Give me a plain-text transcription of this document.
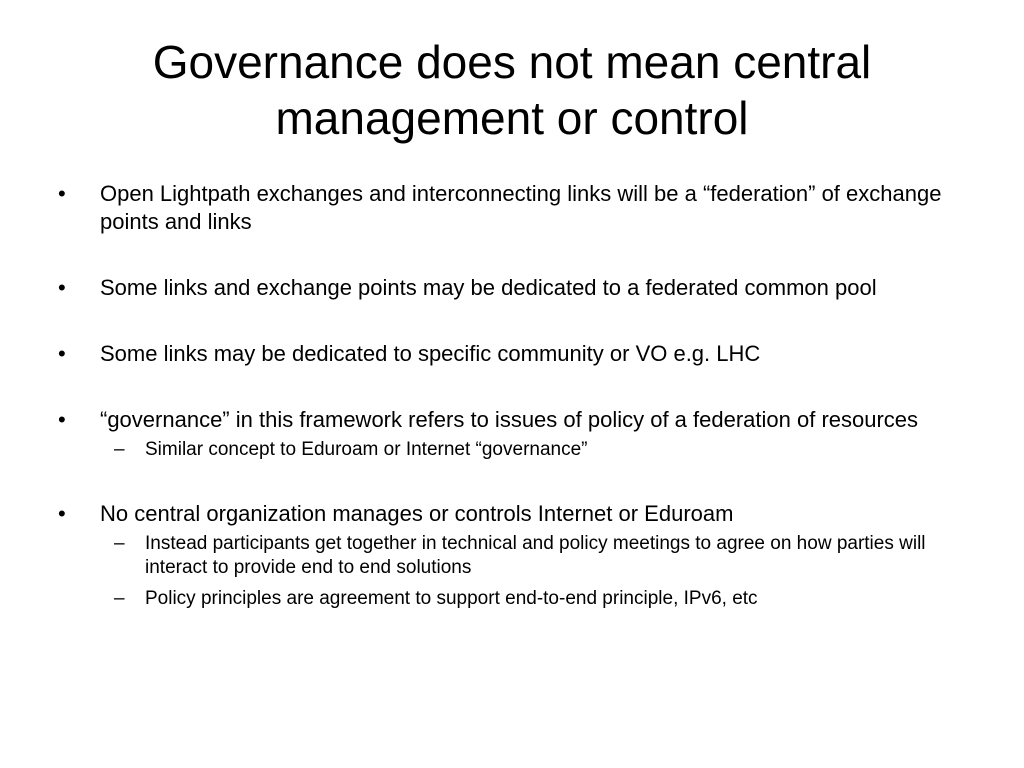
Governance does not mean central management or control
•	Open Lightpath exchanges and interconnecting links will be a “federation” of exchange points and links
•	Some links and exchange points may be dedicated to a federated common pool
•	Some links may be dedicated to specific community or VO e.g. LHC
•	“governance” in this framework refers to issues of policy of a federation of resources
– Similar concept to Eduroam or Internet “governance”
•	No central organization manages or controls Internet or Eduroam
– Instead participants get together in technical and policy meetings to agree on how parties will interact to provide end to end solutions
– Policy principles are agreement to support end-to-end principle, IPv6, etc
